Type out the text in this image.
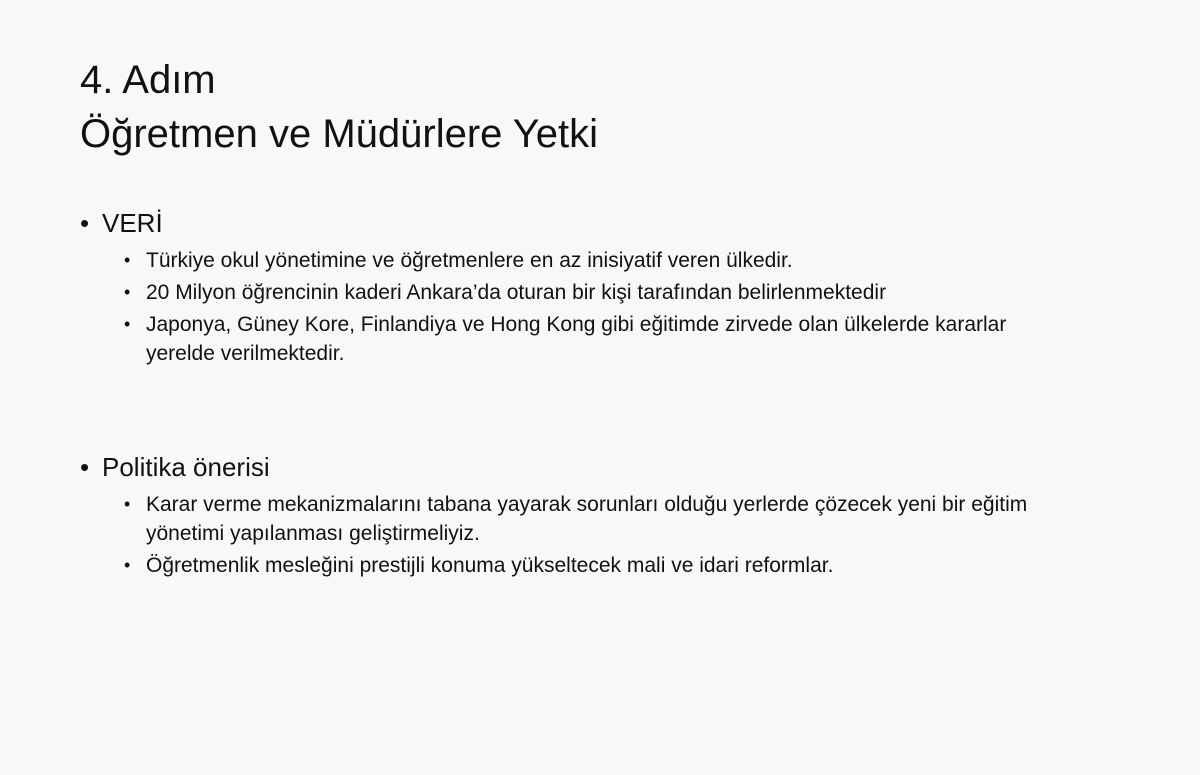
4. Adım
Öğretmen ve Müdürlere Yetki
• VERİ
• Türkiye okul yönetimine ve öğretmenlere en az inisiyatif veren ülkedir.
• 20 Milyon öğrencinin kaderi Ankara’da oturan bir kişi tarafından belirlenmektedir
• Japonya, Güney Kore, Finlandiya ve Hong Kong gibi eğitimde zirvede olan ülkelerde kararlar yerelde verilmektedir.
• Politika önerisi
• Karar verme mekanizmalarını tabana yayarak sorunları olduğu yerlerde çözecek yeni bir eğitim yönetimi yapılanması geliştirmeliyiz.
• Öğretmenlik mesleğini prestijli konuma yükseltecek mali ve idari reformlar.
